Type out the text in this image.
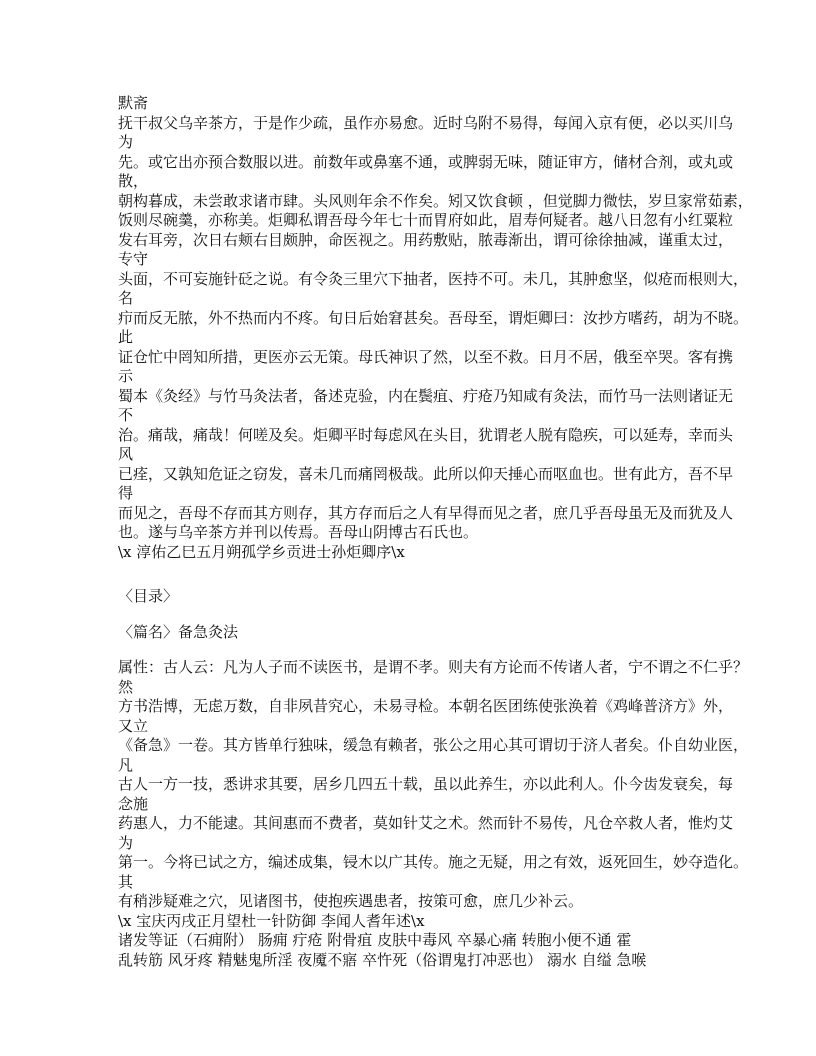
默斋
抚干叔父乌辛茶方，于是作少疏，虽作亦易愈。近时乌附不易得，每闻入京有便，必以买川乌
为
先。或它出亦预合数服以进。前数年或鼻塞不通，或脾弱无味，随证审方，储材合剂，或丸或
散，
朝构暮成，未尝敢求诸市肆。头风则年余不作矣。矧又饮食顿 ，但觉脚力微怯，岁旦家常茹素，
饭则尽碗羹，亦称美。炬卿私谓吾母今年七十而胃府如此，眉寿何疑者。越八日忽有小红粟粒
发右耳旁，次日右颊右目颇肿，命医视之。用药敷贴，脓毒渐出，谓可徐徐抽减，谨重太过，
专守
头面，不可妄施针砭之说。有令灸三里穴下抽者，医持不可。未几，其肿愈坚，似疮而根则大，
名
疖而反无脓，外不热而内不疼。旬日后始窘甚矣。吾母至，谓炬卿曰：汝抄方嗜药，胡为不晓。
此
证仓忙中罔知所措，更医亦云无策。母氏神识了然，以至不救。日月不居，俄至卒哭。客有携
示
蜀本《灸经》与竹马灸法者，备述克验，内在鬓疽、疔疮乃知咸有灸法，而竹马一法则诸证无
不
治。痛哉，痛哉！何嗟及矣。炬卿平时每虑风在头目，犹谓老人脱有隐疾，可以延寿，幸而头
风
已痊，又孰知危证之窃发，喜未几而痛罔极哉。此所以仰天捶心而呕血也。世有此方，吾不早
得
而见之，吾母不存而其方则存，其方存而后之人有早得而见之者，庶几乎吾母虽无及而犹及人
也。遂与乌辛茶方并刊以传焉。吾母山阴博古石氏也。
\x 淳佑乙巳五月朔孤学乡贡进士孙炬卿序\x
〈目录〉
〈篇名〉备急灸法
属性：古人云：凡为人子而不读医书，是谓不孝。则夫有方论而不传诸人者，宁不谓之不仁乎？
然
方书浩博，无虑万数，自非夙昔究心，未易寻检。本朝名医团练使张涣着《鸡峰普济方》外，
又立
《备急》一卷。其方皆单行独味，缓急有赖者，张公之用心其可谓切于济人者矣。仆自幼业医，
凡
古人一方一技，悉讲求其要，居乡几四五十载，虽以此养生，亦以此利人。仆今齿发衰矣，每
念施
药惠人，力不能逮。其间惠而不费者，莫如针艾之术。然而针不易传，凡仓卒救人者，惟灼艾
为
第一。今将已试之方，编述成集，锓木以广其传。施之无疑，用之有效，返死回生，妙夺造化。
其
有稍涉疑难之穴，见诸图书，使抱疾遇患者，按策可愈，庶几少补云。
\x 宝庆丙戌正月望杜一针防御 李闻人耆年述\x
诸发等证（石痈附） 肠痈 疔疮 附骨疽 皮肤中毒风 卒暴心痛 转胞小便不通 霍
乱转筋 风牙疼 精魅鬼所淫 夜魇不寤 卒忤死（俗谓鬼打冲恶也） 溺水 自缢 急喉
